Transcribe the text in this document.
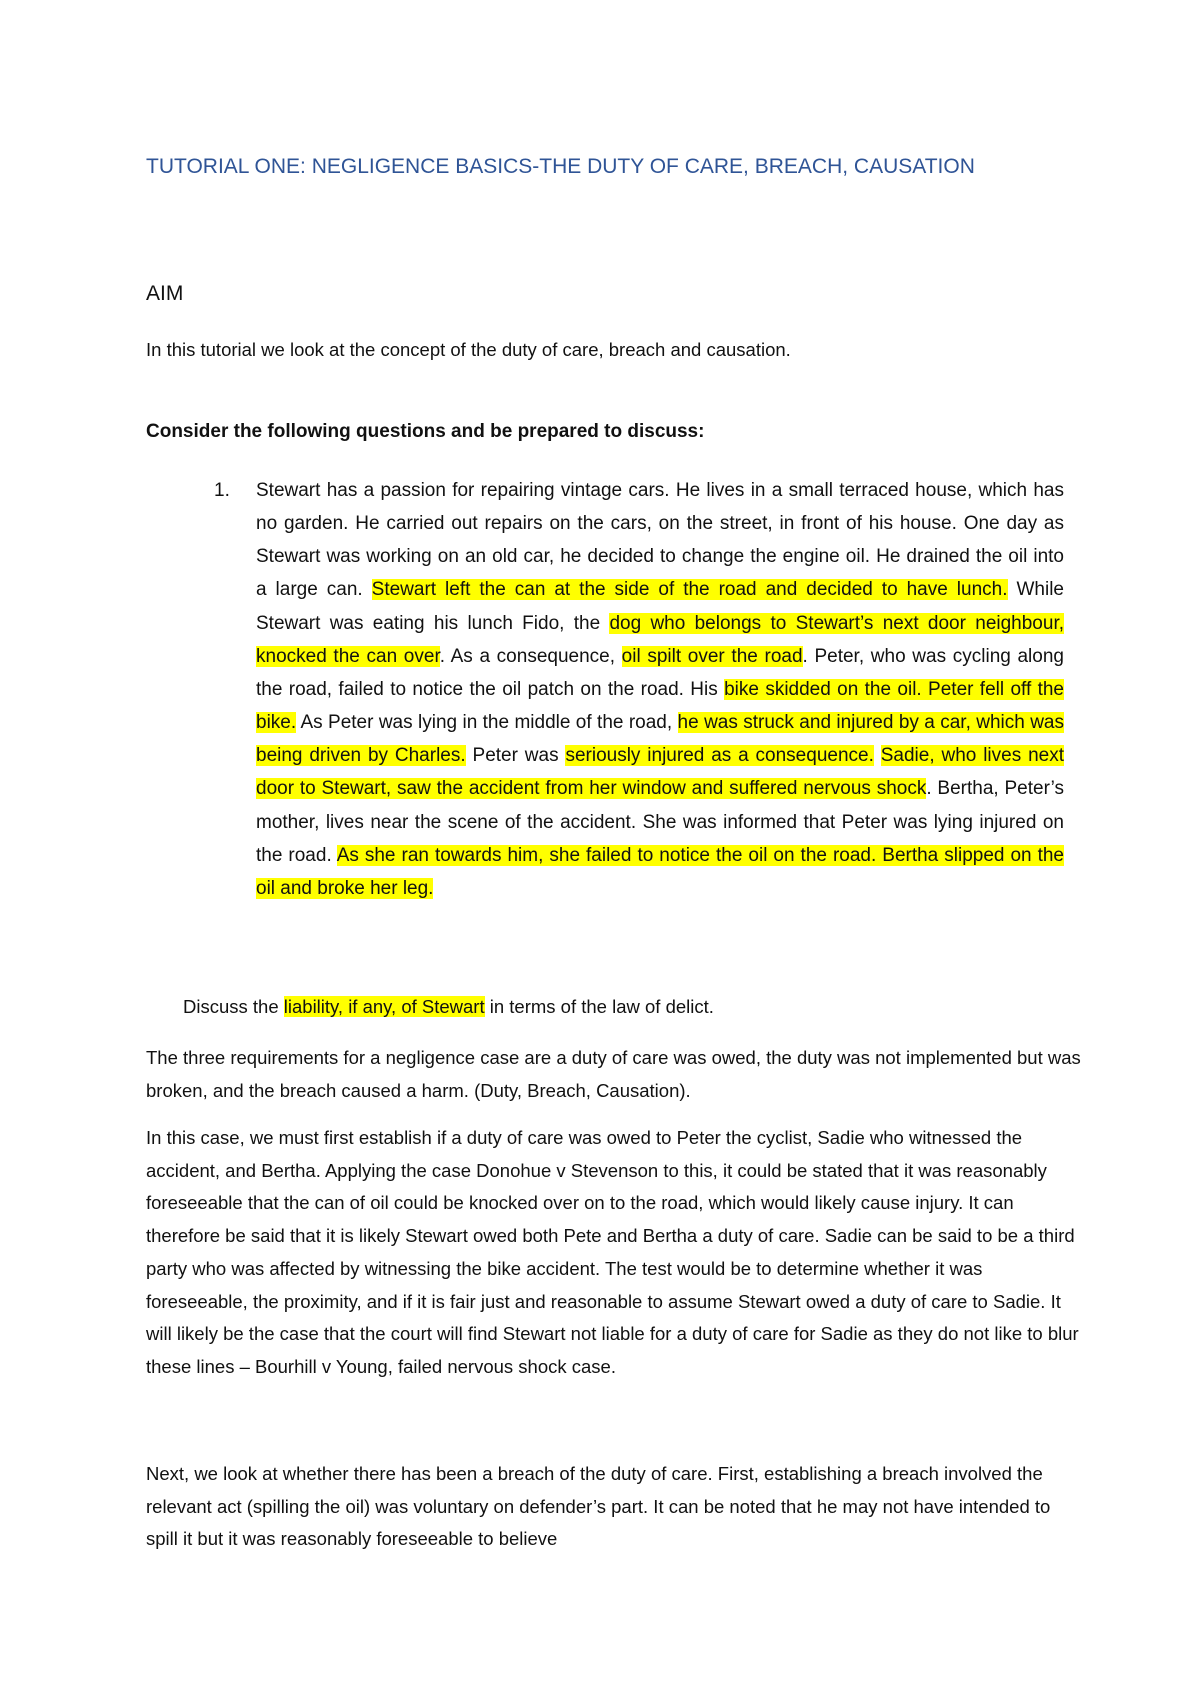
TUTORIAL ONE: NEGLIGENCE BASICS-THE DUTY OF CARE, BREACH, CAUSATION
AIM

In this tutorial we look at the concept of the duty of care, breach and causation.

Consider the following questions and be prepared to discuss:

1. Stewart has a passion for repairing vintage cars. He lives in a small terraced house, which has no garden. He carried out repairs on the cars, on the street, in front of his house. One day as Stewart was working on an old car, he decided to change the engine oil. He drained the oil into a large can. Stewart left the can at the side of the road and decided to have lunch. While Stewart was eating his lunch Fido, the dog who belongs to Stewart’s next door neighbour, knocked the can over. As a consequence, oil spilt over the road. Peter, who was cycling along the road, failed to notice the oil patch on the road. His bike skidded on the oil. Peter fell off the bike. As Peter was lying in the middle of the road, he was struck and injured by a car, which was being driven by Charles. Peter was seriously injured as a consequence. Sadie, who lives next door to Stewart, saw the accident from her window and suffered nervous shock. Bertha, Peter’s mother, lives near the scene of the accident. She was informed that Peter was lying injured on the road. As she ran towards him, she failed to notice the oil on the road. Bertha slipped on the oil and broke her leg.

Discuss the liability, if any, of Stewart in terms of the law of delict.

The three requirements for a negligence case are a duty of care was owed, the duty was not implemented but was broken, and the breach caused a harm. (Duty, Breach, Causation).

In this case, we must first establish if a duty of care was owed to Peter the cyclist, Sadie who witnessed the accident, and Bertha. Applying the case Donohue v Stevenson to this, it could be stated that it was reasonably foreseeable that the can of oil could be knocked over on to the road, which would likely cause injury. It can therefore be said that it is likely Stewart owed both Pete and Bertha a duty of care. Sadie can be said to be a third party who was affected by witnessing the bike accident. The test would be to determine whether it was foreseeable, the proximity, and if it is fair just and reasonable to assume Stewart owed a duty of care to Sadie. It will likely be the case that the court will find Stewart not liable for a duty of care for Sadie as they do not like to blur these lines – Bourhill v Young, failed nervous shock case.

Next, we look at whether there has been a breach of the duty of care. First, establishing a breach involved the relevant act (spilling the oil) was voluntary on defender’s part. It can be noted that he may not have intended to spill it but it was reasonably foreseeable to believe
